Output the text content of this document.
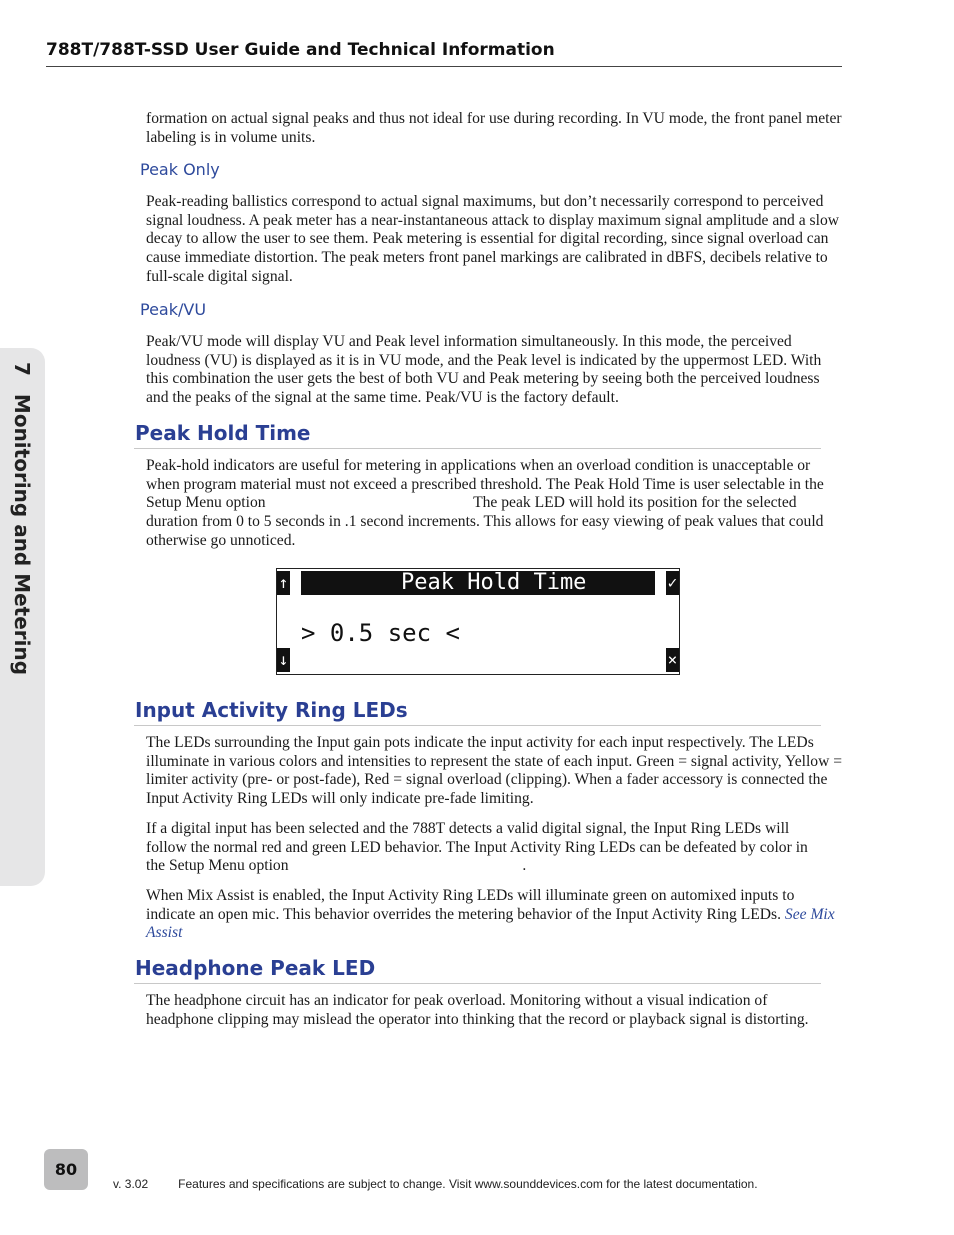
788T/788T-SSD User Guide and Technical Information
7Monitoring and Metering

formation on actual signal peaks and thus not ideal for use during recording. In VU mode, the front panel meter labeling is in volume units.

Peak Only

Peak-reading ballistics correspond to actual signal maximums, but don’t necessarily correspond to perceived signal loudness. A peak meter has a near-instantaneous attack to display maximum signal amplitude and a slow decay to allow the user to see them. Peak metering is essential for digital recording, since signal overload can cause immediate distortion. The peak meters front panel markings are calibrated in dBFS, decibels relative to full-scale digital signal.

Peak/VU

Peak/VU mode will display VU and Peak level information simultaneously. In this mode, the perceived loudness (VU) is displayed as it is in VU mode, and the Peak level is indicated by the uppermost LED. With this combination the user gets the best of both VU and Peak metering by seeing both the perceived loudness and the peaks of the signal at the same time. Peak/VU is the factory default.

Peak Hold Time

Peak-hold indicators are useful for metering in applications when an overload condition is unacceptable or when program material must not exceed a prescribed threshold. The Peak Hold Time is user selectable in the Setup Menu option	The peak LED will hold its position for the selected duration from 0 to 5 seconds in .1 second increments. This allows for easy viewing of peak values that could otherwise go unnoticed.

↑	Peak Hold Time	✓
> 0.5 sec <
↓	×
Input Activity Ring LEDs

The LEDs surrounding the Input gain pots indicate the input activity for each input respectively. The LEDs illuminate in various colors and intensities to represent the state of each input. Green = signal activity, Yellow = limiter activity (pre- or post-fade), Red = signal overload (clipping). When a fader accessory is connected the Input Activity Ring LEDs will only indicate pre-fade limiting.

If a digital input has been selected and the 788T detects a valid digital signal, the Input Ring LEDs will follow the normal red and green LED behavior. The Input Activity Ring LEDs can be defeated by color in the Setup Menu option	.

When Mix Assist is enabled, the Input Activity Ring LEDs will illuminate green on automixed inputs to indicate an open mic. This behavior overrides the metering behavior of the Input Activity Ring LEDs. See Mix Assist

Headphone Peak LED

The headphone circuit has an indicator for peak overload. Monitoring without a visual indication of headphone clipping may mislead the operator into thinking that the record or playback signal is distorting.

80
v. 3.02	Features and specifications are subject to change. Visit www.sounddevices.com for the latest documentation.
